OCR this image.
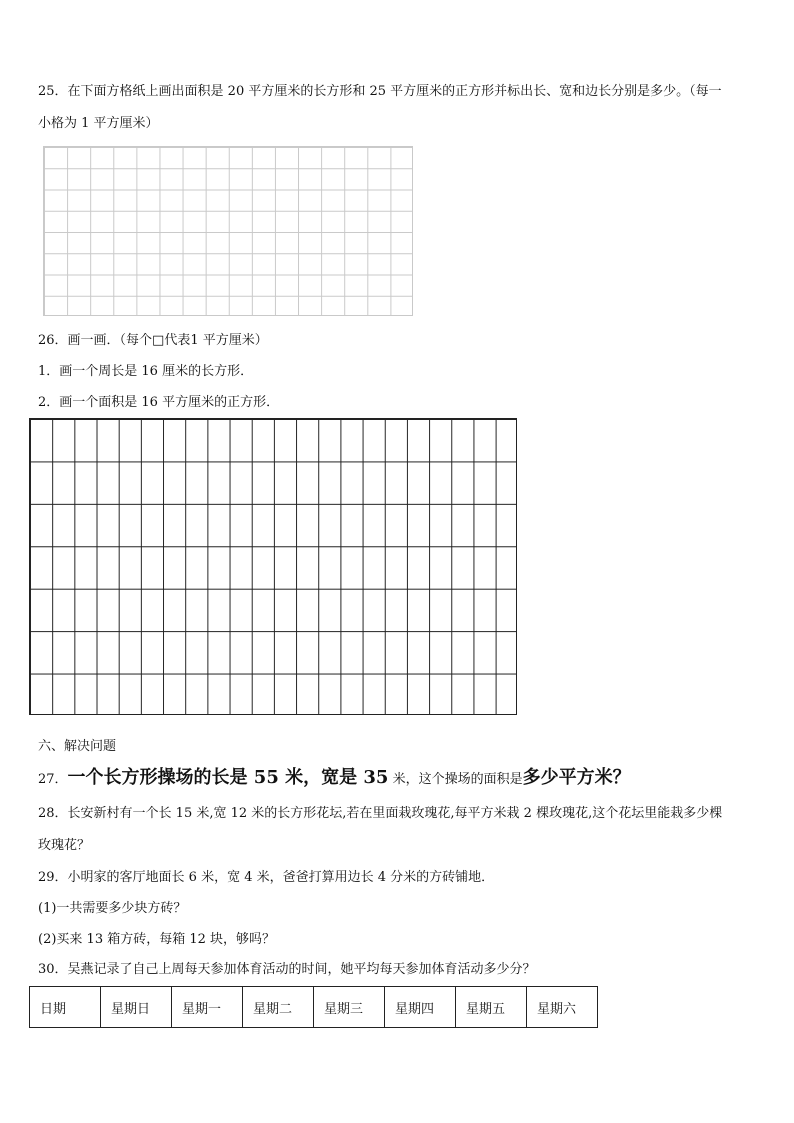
25．在下面方格纸上画出面积是 20 平方厘米的长方形和 25 平方厘米的正方形并标出长、宽和边长分别是多少。（每一
小格为 1 平方厘米）
26．画一画．（每个□代表1 平方厘米）
1．画一个周长是 16 厘米的长方形．
2．画一个面积是 16 平方厘米的正方形．
六、解决问题
27．一个长方形操场的长是 55 米，宽是 35 米，这个操场的面积是多少平方米？
28．长安新村有一个长 15 米,宽 12 米的长方形花坛,若在里面栽玫瑰花,每平方米栽 2 棵玫瑰花,这个花坛里能栽多少棵
玫瑰花？
29．小明家的客厅地面长 6 米，宽 4 米，爸爸打算用边长 4 分米的方砖铺地．
(1)一共需要多少块方砖？
(2)买来 13 箱方砖，每箱 12 块，够吗？
30．吴燕记录了自己上周每天参加体育活动的时间，她平均每天参加体育活动多少分？
日期	星期日	星期一	星期二	星期三	星期四	星期五	星期六
